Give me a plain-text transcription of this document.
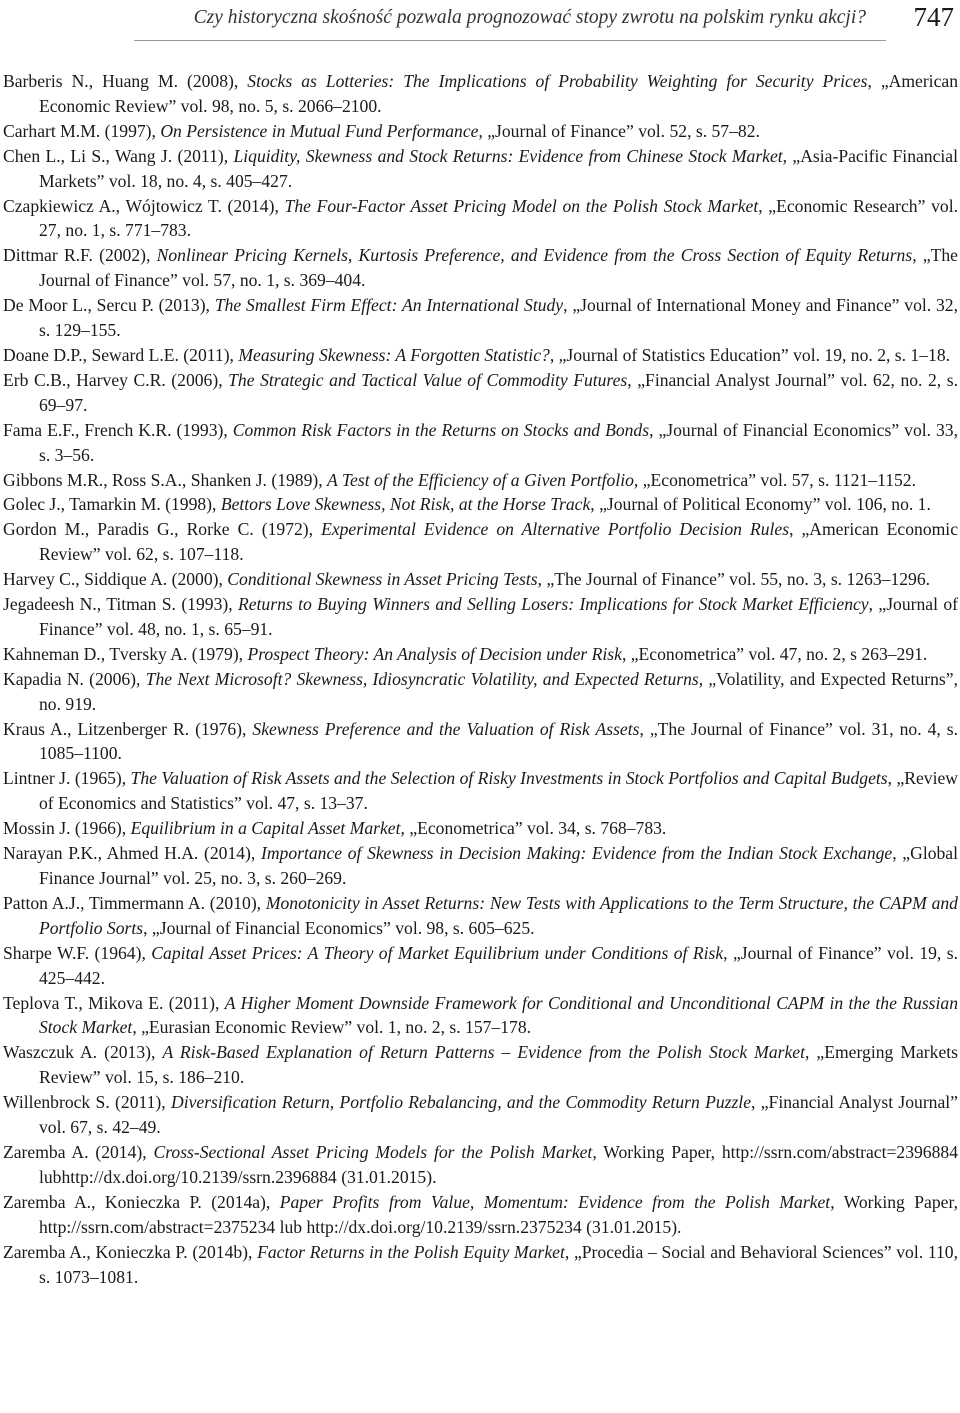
Czy historyczna skośność pozwala prognozować stopy zwrotu na polskim rynku akcji? 747
Barberis N., Huang M. (2008), Stocks as Lotteries: The Implications of Probability Weighting for Security Prices, „American Economic Review” vol. 98, no. 5, s. 2066–2100.
Carhart M.M. (1997), On Persistence in Mutual Fund Performance, „Journal of Finance” vol. 52, s. 57–82.
Chen L., Li S., Wang J. (2011), Liquidity, Skewness and Stock Returns: Evidence from Chinese Stock Market, „Asia-Pacific Financial Markets” vol. 18, no. 4, s. 405–427.
Czapkiewicz A., Wójtowicz T. (2014), The Four-Factor Asset Pricing Model on the Polish Stock Market, „Economic Research” vol. 27, no. 1, s. 771–783.
Dittmar R.F. (2002), Nonlinear Pricing Kernels, Kurtosis Preference, and Evidence from the Cross Section of Equity Returns, „The Journal of Finance” vol. 57, no. 1, s. 369–404.
De Moor L., Sercu P. (2013), The Smallest Firm Effect: An International Study, „Journal of International Money and Finance” vol. 32, s. 129–155.
Doane D.P., Seward L.E. (2011), Measuring Skewness: A Forgotten Statistic?, „Journal of Statistics Education” vol. 19, no. 2, s. 1–18.
Erb C.B., Harvey C.R. (2006), The Strategic and Tactical Value of Commodity Futures, „Financial Analyst Journal” vol. 62, no. 2, s. 69–97.
Fama E.F., French K.R. (1993), Common Risk Factors in the Returns on Stocks and Bonds, „Journal of Financial Economics” vol. 33, s. 3–56.
Gibbons M.R., Ross S.A., Shanken J. (1989), A Test of the Efficiency of a Given Portfolio, „Econometrica” vol. 57, s. 1121–1152.
Golec J., Tamarkin M. (1998), Bettors Love Skewness, Not Risk, at the Horse Track, „Journal of Political Economy” vol. 106, no. 1.
Gordon M., Paradis G., Rorke C. (1972), Experimental Evidence on Alternative Portfolio Decision Rules, „American Economic Review” vol. 62, s. 107–118.
Harvey C., Siddique A. (2000), Conditional Skewness in Asset Pricing Tests, „The Journal of Finance” vol. 55, no. 3, s. 1263–1296.
Jegadeesh N., Titman S. (1993), Returns to Buying Winners and Selling Losers: Implications for Stock Market Efficiency, „Journal of Finance” vol. 48, no. 1, s. 65–91.
Kahneman D., Tversky A. (1979), Prospect Theory: An Analysis of Decision under Risk, „Econometrica” vol. 47, no. 2, s 263–291.
Kapadia N. (2006), The Next Microsoft? Skewness, Idiosyncratic Volatility, and Expected Returns, „Volatility, and Expected Returns”, no. 919.
Kraus A., Litzenberger R. (1976), Skewness Preference and the Valuation of Risk Assets, „The Journal of Finance” vol. 31, no. 4, s. 1085–1100.
Lintner J. (1965), The Valuation of Risk Assets and the Selection of Risky Investments in Stock Portfolios and Capital Budgets, „Review of Economics and Statistics” vol. 47, s. 13–37.
Mossin J. (1966), Equilibrium in a Capital Asset Market, „Econometrica” vol. 34, s. 768–783.
Narayan P.K., Ahmed H.A. (2014), Importance of Skewness in Decision Making: Evidence from the Indian Stock Exchange, „Global Finance Journal” vol. 25, no. 3, s. 260–269.
Patton A.J., Timmermann A. (2010), Monotonicity in Asset Returns: New Tests with Applications to the Term Structure, the CAPM and Portfolio Sorts, „Journal of Financial Economics” vol. 98, s. 605–625.
Sharpe W.F. (1964), Capital Asset Prices: A Theory of Market Equilibrium under Conditions of Risk, „Journal of Finance” vol. 19, s. 425–442.
Teplova T., Mikova E. (2011), A Higher Moment Downside Framework for Conditional and Unconditional CAPM in the the Russian Stock Market, „Eurasian Economic Review” vol. 1, no. 2, s. 157–178.
Waszczuk A. (2013), A Risk-Based Explanation of Return Patterns – Evidence from the Polish Stock Market, „Emerging Markets Review” vol. 15, s. 186–210.
Willenbrock S. (2011), Diversification Return, Portfolio Rebalancing, and the Commodity Return Puzzle, „Financial Analyst Journal” vol. 67, s. 42–49.
Zaremba A. (2014), Cross-Sectional Asset Pricing Models for the Polish Market, Working Paper, http://ssrn.com/abstract=2396884 lubhttp://dx.doi.org/10.2139/ssrn.2396884 (31.01.2015).
Zaremba A., Konieczka P. (2014a), Paper Profits from Value, Momentum: Evidence from the Polish Market, Working Paper, http://ssrn.com/abstract=2375234 lub http://dx.doi.org/10.2139/ssrn.2375234 (31.01.2015).
Zaremba A., Konieczka P. (2014b), Factor Returns in the Polish Equity Market, „Procedia – Social and Behavioral Sciences” vol. 110, s. 1073–1081.
